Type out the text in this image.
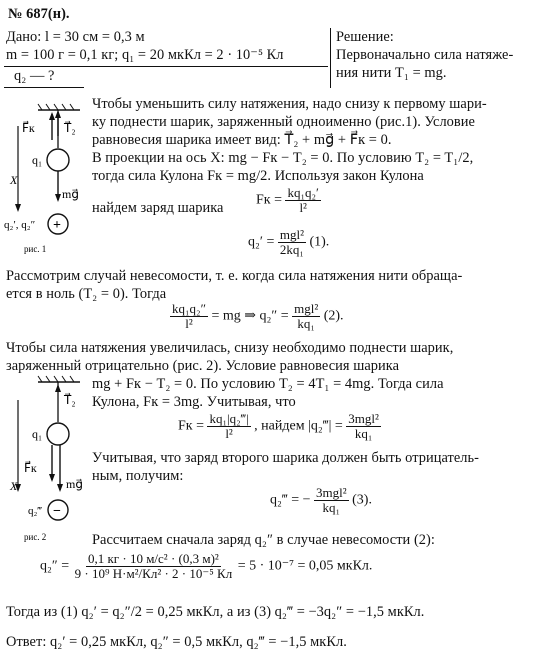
№ 687(н).
Дано: l = 30 см = 0,3 м
m = 100 г = 0,1 кг; q₁ = 20 мкКл = 2 · 10⁻⁵ Кл
q₂ — ?
Решение:
Первоначально сила натяже-
ния нити T₁ = mg.
F⃗к T⃗₂
q₁
mg⃗
X
q₂′, q₂″ +
рис. 1
Чтобы уменьшить силу натяжения, надо снизу к первому шари-
ку поднести шарик, заряженный одноименно (рис.1). Условие
равновесия шарика имеет вид: T⃗₂ + mg⃗ + F⃗к = 0.
В проекции на ось X: mg − Fк − T₂ = 0. По условию T₂ = T₁/2,
тогда сила Кулона Fк = mg/2. Используя закон Кулона
Fк = $\frac{\text{kq₁q₂′}}{\text{l²}}$
найдем заряд шарика
$q_2' = \frac{\text{mgl²}}{\text{2kq₁}} (1)$.
Рассмотрим случай невесомости, т. е. когда сила натяжения нити обраща-
ется в ноль (T₂ = 0). Тогда
$\frac{\text{kq₁q₂″}}{\text{l²}}$ = mg ⇒ $q_2'' = \frac{\text{mgl²}}{\text{kq₁}} (2)$.
Чтобы сила натяжения увеличилась, снизу необходимо поднести шарик,
заряженный отрицательно (рис. 2). Условие равновесия шарика
T⃗₂
q₁
F⃗к
mg⃗
X
q₂‴ −
рис. 2
mg + Fк − T₂ = 0. По условию T₂ = 4T₁ = 4mg. Тогда сила
Кулона, Fк = 3mg. Учитывая, что
Fк = $\frac{\text{kq₁|q₂‴|}}{\text{l²}}$ , найдем |q₂‴| = $\frac{\text{3mgl²}}{\text{kq₁}}$
Учитывая, что заряд второго шарика должен быть отрицатель-
ным, получим:
q₂‴ = − $\frac{\text{3mgl²}}{\text{kq₁}} (3)$.
Рассчитаем сначала заряд q₂″ в случае невесомости (2):
$q_2'' = \frac{\text{0,1 кг · 10 м/с² · (0,3 м)²}}{\text{9 · 10⁹ Н·м²/Кл² · 2 · 10⁻⁵ Кл}} = 5 \cdot 10^{-7} = 0,05$ мкКл.
Тогда из (1) q₂′ = q₂″/2 = 0,25 мкКл, а из (3) q₂‴ = −3q₂″ = −1,5 мкКл.
Ответ: q₂′ = 0,25 мкКл, q₂″ = 0,5 мкКл, q₂‴ = −1,5 мкКл.
